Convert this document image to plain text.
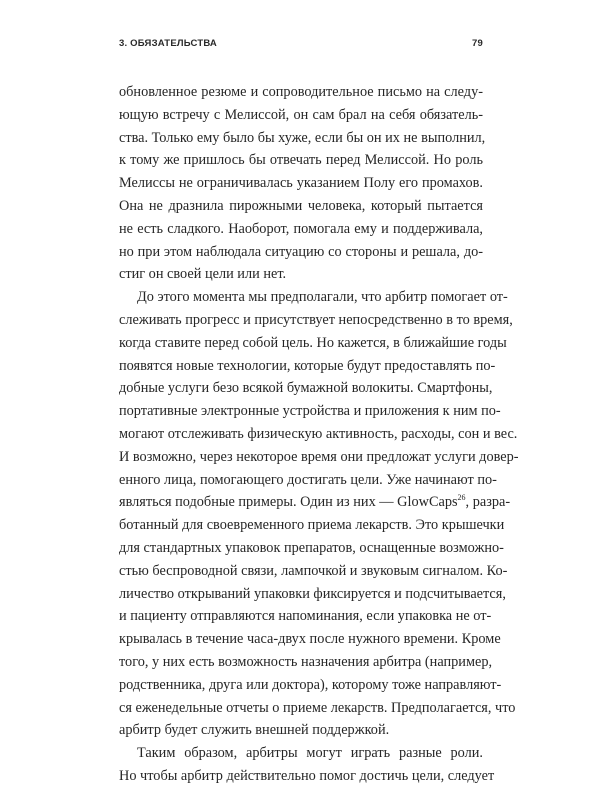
3. ОБЯЗАТЕЛЬСТВА	79
обновленное резюме и сопроводительное письмо на следу-
ющую встречу с Мелиссой, он сам брал на себя обязатель-
ства. Только ему было бы хуже, если бы он их не выполнил,
к тому же пришлось бы отвечать перед Мелиссой. Но роль
Мелиссы не ограничивалась указанием Полу его промахов.
Она не дразнила пирожными человека, который пытается
не есть сладкого. Наоборот, помогала ему и поддерживала,
но при этом наблюдала ситуацию со стороны и решала, до-
стиг он своей цели или нет.
До этого момента мы предполагали, что арбитр помогает от-
слеживать прогресс и присутствует непосредственно в то время,
когда ставите перед собой цель. Но кажется, в ближайшие годы
появятся новые технологии, которые будут предоставлять по-
добные услуги безо всякой бумажной волокиты. Смартфоны,
портативные электронные устройства и приложения к ним по-
могают отслеживать физическую активность, расходы, сон и вес.
И возможно, через некоторое время они предложат услуги довер-
енного лица, помогающего достигать цели. Уже начинают по-
являться подобные примеры. Один из них — GlowCaps$^{26}$, разра-
ботанный для своевременного приема лекарств. Это крышечки
для стандартных упаковок препаратов, оснащенные возможно-
стью беспроводной связи, лампочкой и звуковым сигналом. Ко-
личество открываний упаковки фиксируется и подсчитывается,
и пациенту отправляются напоминания, если упаковка не от-
крывалась в течение часа-двух после нужного времени. Кроме
того, у них есть возможность назначения арбитра (например,
родственника, друга или доктора), которому тоже направляют-
ся еженедельные отчеты о приеме лекарств. Предполагается, что
арбитр будет служить внешней поддержкой.
Таким образом, арбитры могут играть разные роли.
Но чтобы арбитр действительно помог достичь цели, следует
